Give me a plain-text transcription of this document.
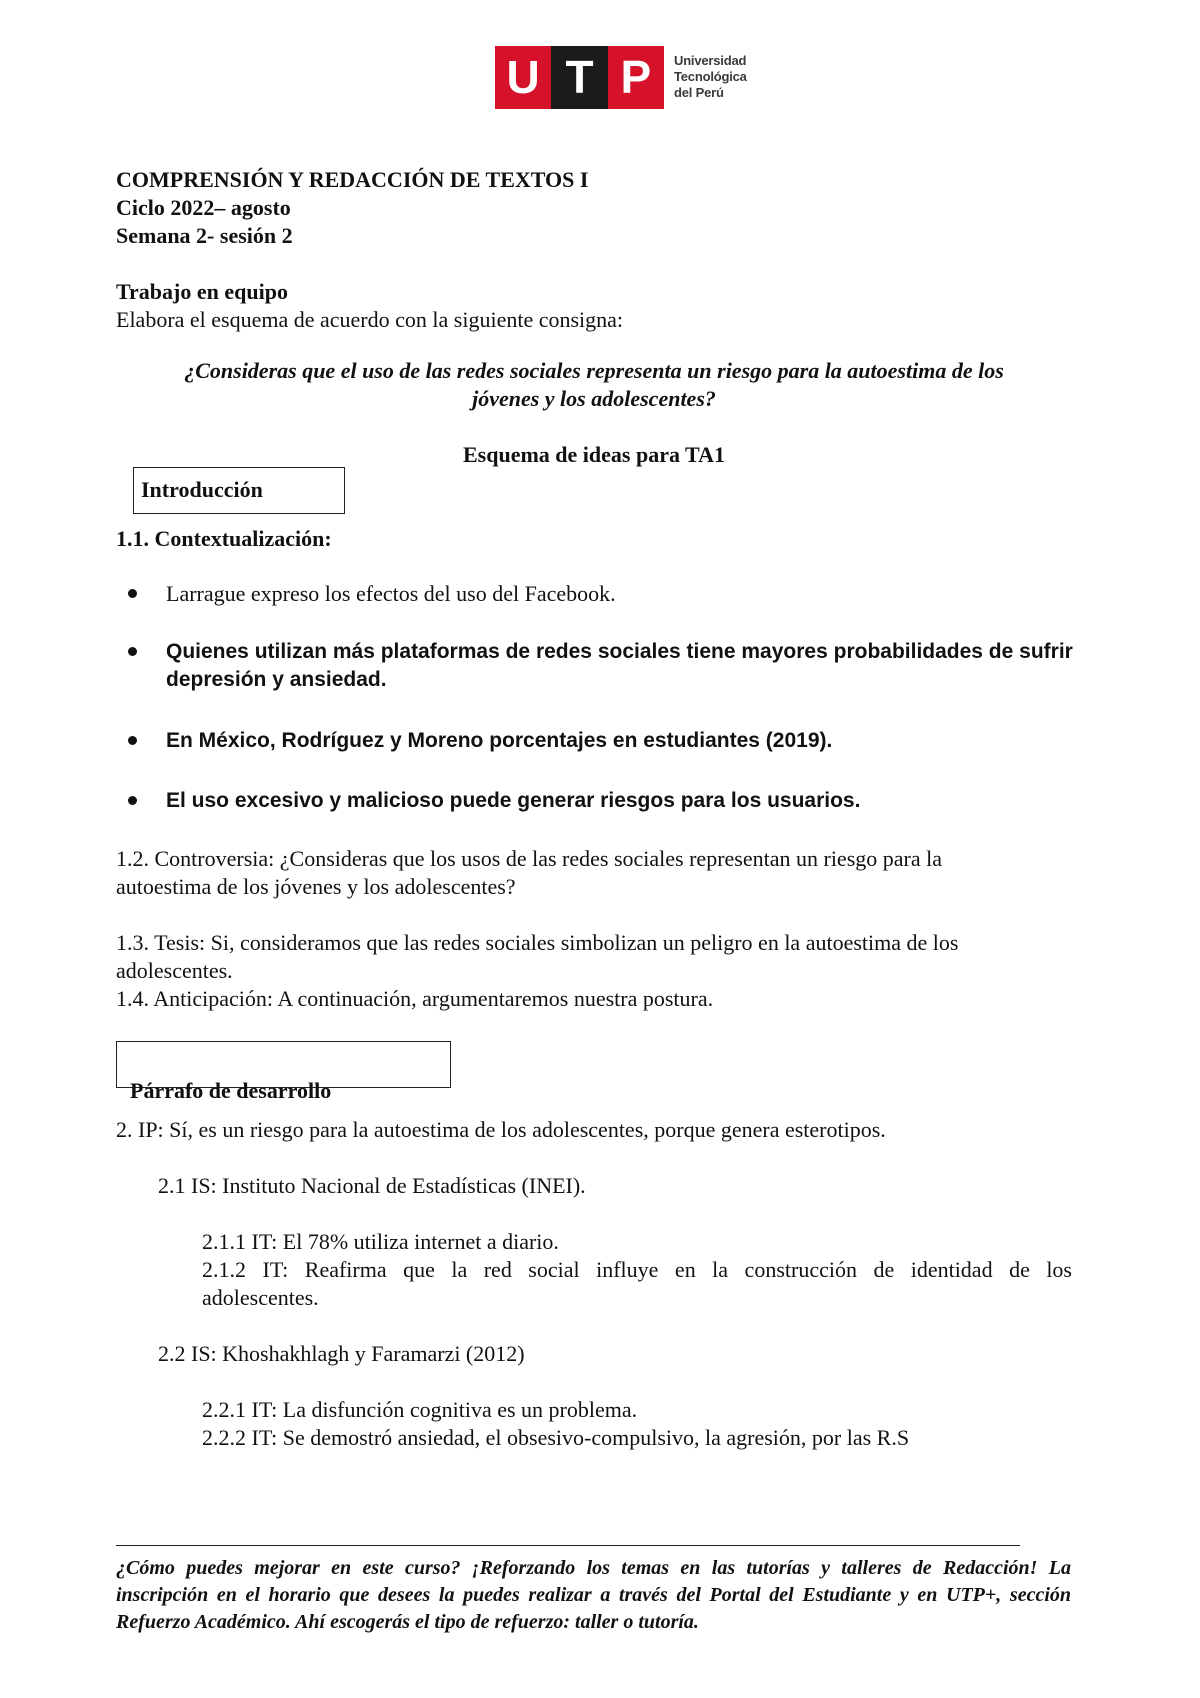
U T P	Universidad
Tecnológica
del Perú
COMPRENSIÓN Y REDACCIÓN DE TEXTOS I
Ciclo 2022– agosto
Semana 2- sesión 2
Trabajo en equipo
Elabora el esquema de acuerdo con la siguiente consigna:
¿Consideras que el uso de las redes sociales representa un riesgo para la autoestima de los
jóvenes y los adolescentes?
Esquema de ideas para TA1
Introducción
1.1. Contextualización:
Larrague expreso los efectos del uso del Facebook.
Quienes utilizan más plataformas de redes sociales tiene mayores probabilidades de sufrir
depresión y ansiedad.
En México, Rodríguez y Moreno porcentajes en estudiantes (2019).
El uso excesivo y malicioso puede generar riesgos para los usuarios.
1.2. Controversia: ¿Consideras que los usos de las redes sociales representan un riesgo para la
autoestima de los jóvenes y los adolescentes?
1.3. Tesis: Si, consideramos que las redes sociales simbolizan un peligro en la autoestima de los
adolescentes.
1.4. Anticipación: A continuación, argumentaremos nuestra postura.
Párrafo de desarrollo
2. IP: Sí, es un riesgo para la autoestima de los adolescentes, porque genera esterotipos.
2.1 IS: Instituto Nacional de Estadísticas (INEI).
2.1.1 IT: El 78% utiliza internet a diario.
2.1.2 IT: Reafirma que la red social influye en la construcción de identidad de los
adolescentes.
2.2 IS: Khoshakhlagh y Faramarzi (2012)
2.2.1 IT: La disfunción cognitiva es un problema.
2.2.2 IT: Se demostró ansiedad, el obsesivo-compulsivo, la agresión, por las R.S
¿Cómo puedes mejorar en este curso? ¡Reforzando los temas en las tutorías y talleres de Redacción! La
inscripción en el horario que desees la puedes realizar a través del Portal del Estudiante y en UTP+, sección
Refuerzo Académico. Ahí escogerás el tipo de refuerzo: taller o tutoría.
